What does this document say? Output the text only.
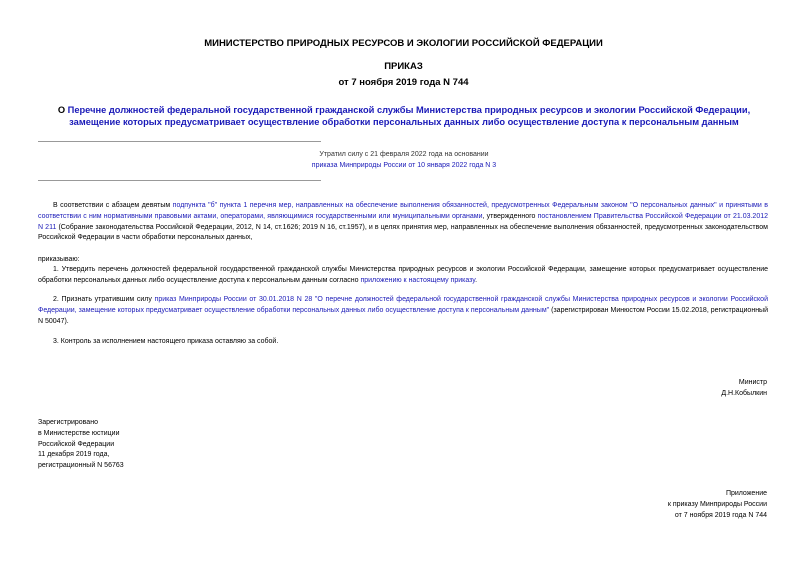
МИНИСТЕРСТВО ПРИРОДНЫХ РЕСУРСОВ И ЭКОЛОГИИ РОССИЙСКОЙ ФЕДЕРАЦИИ
ПРИКАЗ
от 7 ноября 2019 года N 744
О Перечне должностей федеральной государственной гражданской службы Министерства природных ресурсов и экологии Российской Федерации, замещение которых предусматривает осуществление обработки персональных данных либо осуществление доступа к персональным данным
Утратил силу с 21 февраля 2022 года на основании
приказа Минприроды России от 10 января 2022 года N 3
В соответствии с абзацем девятым подпункта "б" пункта 1 перечня мер, направленных на обеспечение выполнения обязанностей, предусмотренных Федеральным законом "О персональных данных" и принятыми в соответствии с ним нормативными правовыми актами, операторами, являющимися государственными или муниципальными органами, утвержденного постановлением Правительства Российской Федерации от 21.03.2012 N 211 (Собрание законодательства Российской Федерации, 2012, N 14, ст.1626; 2019 N 16, ст.1957), и в целях принятия мер, направленных на обеспечение выполнения обязанностей, предусмотренных законодательством Российской Федерации в части обработки персональных данных,
приказываю:
1. Утвердить перечень должностей федеральной государственной гражданской службы Министерства природных ресурсов и экологии Российской Федерации, замещение которых предусматривает осуществление обработки персональных данных либо осуществление доступа к персональным данным согласно приложению к настоящему приказу.
2. Признать утратившим силу приказ Минприроды России от 30.01.2018 N 28 "О перечне должностей федеральной государственной гражданской службы Министерства природных ресурсов и экологии Российской Федерации, замещение которых предусматривает осуществление обработки персональных данных либо осуществление доступа к персональным данным" (зарегистрирован Минюстом России 15.02.2018, регистрационный N 50047).
3. Контроль за исполнением настоящего приказа оставляю за собой.
Министр
Д.Н.Кобылкин
Зарегистрировано
в Министерстве юстиции
Российской Федерации
11 декабря 2019 года,
регистрационный N 56763
Приложение
к приказу Минприроды России
от 7 ноября 2019 года N 744
